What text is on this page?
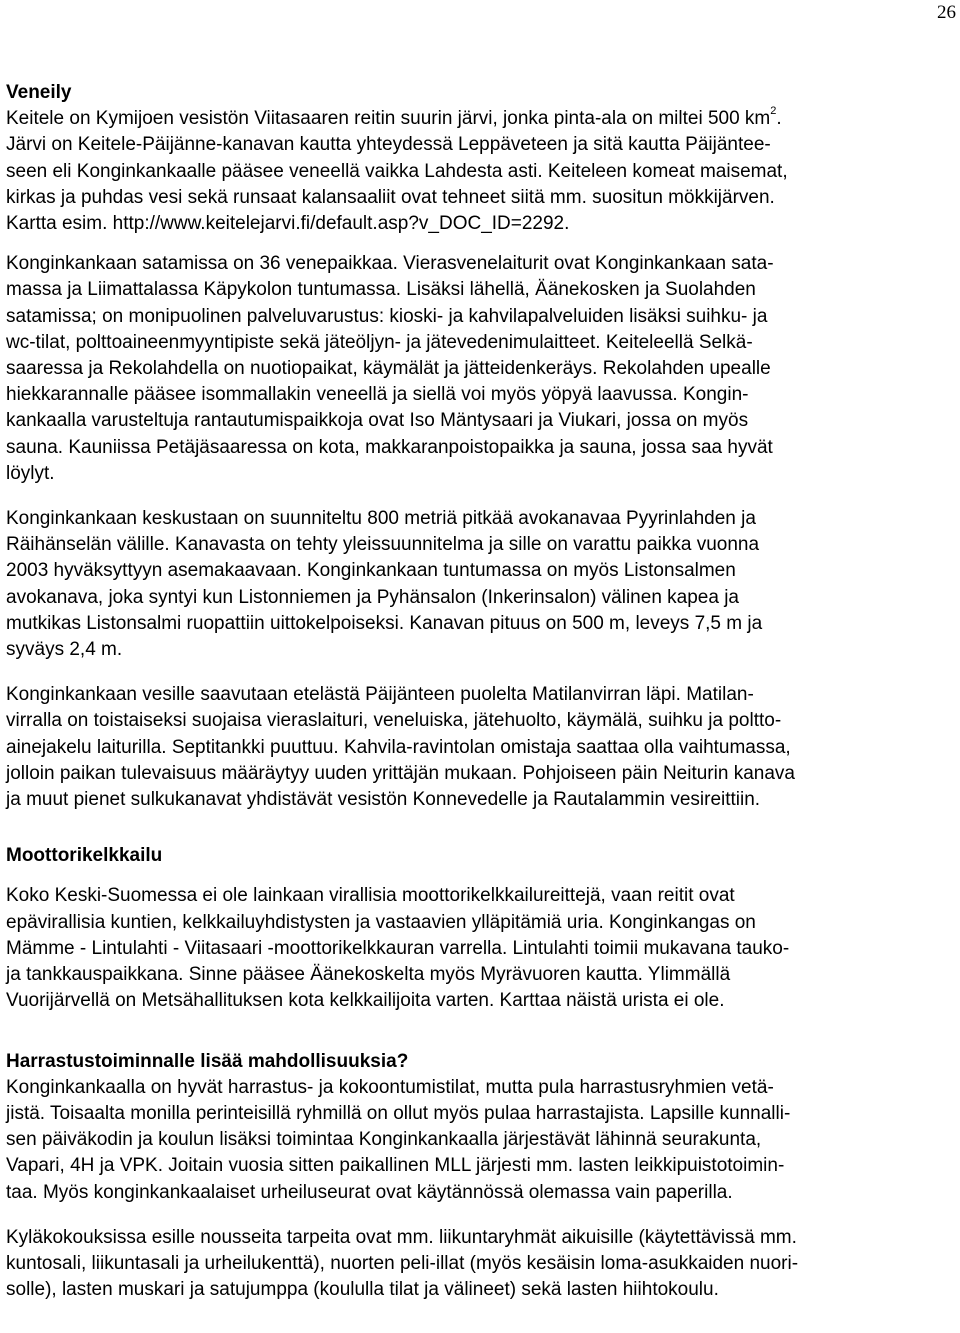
26
Veneily
Keitele on Kymijoen vesistön Viitasaaren reitin suurin järvi, jonka pinta-ala on miltei 500 $km^2$.
Järvi on Keitele-Päijänne-kanavan kautta yhteydessä Leppäveteen ja sitä kautta Päijäntee-
seen eli Konginkankaalle pääsee veneellä vaikka Lahdesta asti. Keiteleen komeat maisemat,
kirkas ja puhdas vesi sekä runsaat kalansaaliit ovat tehneet siitä mm. suositun mökkijärven.
Kartta esim. http://www.keitelejarvi.fi/default.asp?v_DOC_ID=2292.
Konginkankaan satamissa on 36 venepaikkaa. Vierasvenelaiturit ovat Konginkankaan sata-
massa ja Liimattalassa Käpykolon tuntumassa. Lisäksi lähellä, Äänekosken ja Suolahden
satamissa; on monipuolinen palveluvarustus: kioski- ja kahvilapalveluiden lisäksi suihku- ja
wc-tilat, polttoaineenmyyntipiste sekä jäteöljyn- ja jätevedenimulaitteet. Keiteleellä Selkä-
saaressa ja Rekolahdella on nuotiopaikat, käymälät ja jätteidenkeräys. Rekolahden upealle
hiekkarannalle pääsee isommallakin veneellä ja siellä voi myös yöpyä laavussa. Kongin-
kankaalla varusteltuja rantautumispaikkoja ovat Iso Mäntysaari ja Viukari, jossa on myös
sauna. Kauniissa Petäjäsaaressa on kota, makkaranpoistopaikka ja sauna, jossa saa hyvät
löylyt.
Konginkankaan keskustaan on suunniteltu 800 metriä pitkää avokanavaa Pyyrinlahden ja
Räihänselän välille. Kanavasta on tehty yleissuunnitelma ja sille on varattu paikka vuonna
2003 hyväksyttyyn asemakaavaan. Konginkankaan tuntumassa on myös Listonsalmen
avokanava, joka syntyi kun Listonniemen ja Pyhänsalon (Inkerinsalon) välinen kapea ja
mutkikas Listonsalmi ruopattiin uittokelpoiseksi. Kanavan pituus on 500 m, leveys 7,5 m ja
syväys 2,4 m.
Konginkankaan vesille saavutaan etelästä Päijänteen puolelta Matilanvirran läpi. Matilan-
virralla on toistaiseksi suojaisa vieraslaituri, veneluiska, jätehuolto, käymälä, suihku ja poltto-
ainejakelu laiturilla. Septitankki puuttuu. Kahvila-ravintolan omistaja saattaa olla vaihtumassa,
jolloin paikan tulevaisuus määräytyy uuden yrittäjän mukaan. Pohjoiseen päin Neiturin kanava
ja muut pienet sulkukanavat yhdistävät vesistön Konnevedelle ja Rautalammin vesireittiin.
Moottorikelkkailu
Koko Keski-Suomessa ei ole lainkaan virallisia moottorikelkkailureittejä, vaan reitit ovat
epävirallisia kuntien, kelkkailuyhdistysten ja vastaavien ylläpitämiä uria. Konginkangas on
Mämme - Lintulahti - Viitasaari -moottorikelkkauran varrella. Lintulahti toimii mukavana tauko-
ja tankkauspaikkana. Sinne pääsee Äänekoskelta myös Myrävuoren kautta. Ylimmällä
Vuorijärvellä on Metsähallituksen kota kelkkailijoita varten. Karttaa näistä urista ei ole.
Harrastustoiminnalle lisää mahdollisuuksia?
Konginkankaalla on hyvät harrastus- ja kokoontumistilat, mutta pula harrastusryhmien vetä-
jistä. Toisaalta monilla perinteisillä ryhmillä on ollut myös pulaa harrastajista. Lapsille kunnalli-
sen päiväkodin ja koulun lisäksi toimintaa Konginkankaalla järjestävät lähinnä seurakunta,
Vapari, 4H ja VPK. Joitain vuosia sitten paikallinen MLL järjesti mm. lasten leikkipuistotoimin-
taa. Myös konginkankaalaiset urheiluseurat ovat käytännössä olemassa vain paperilla.
Kyläkokouksissa esille nousseita tarpeita ovat mm. liikuntaryhmät aikuisille (käytettävissä mm.
kuntosali, liikuntasali ja urheilukenttä), nuorten peli-illat (myös kesäisin loma-asukkaiden nuori-
solle), lasten muskari ja satujumppa (koululla tilat ja välineet) sekä lasten hiihtokoulu.
